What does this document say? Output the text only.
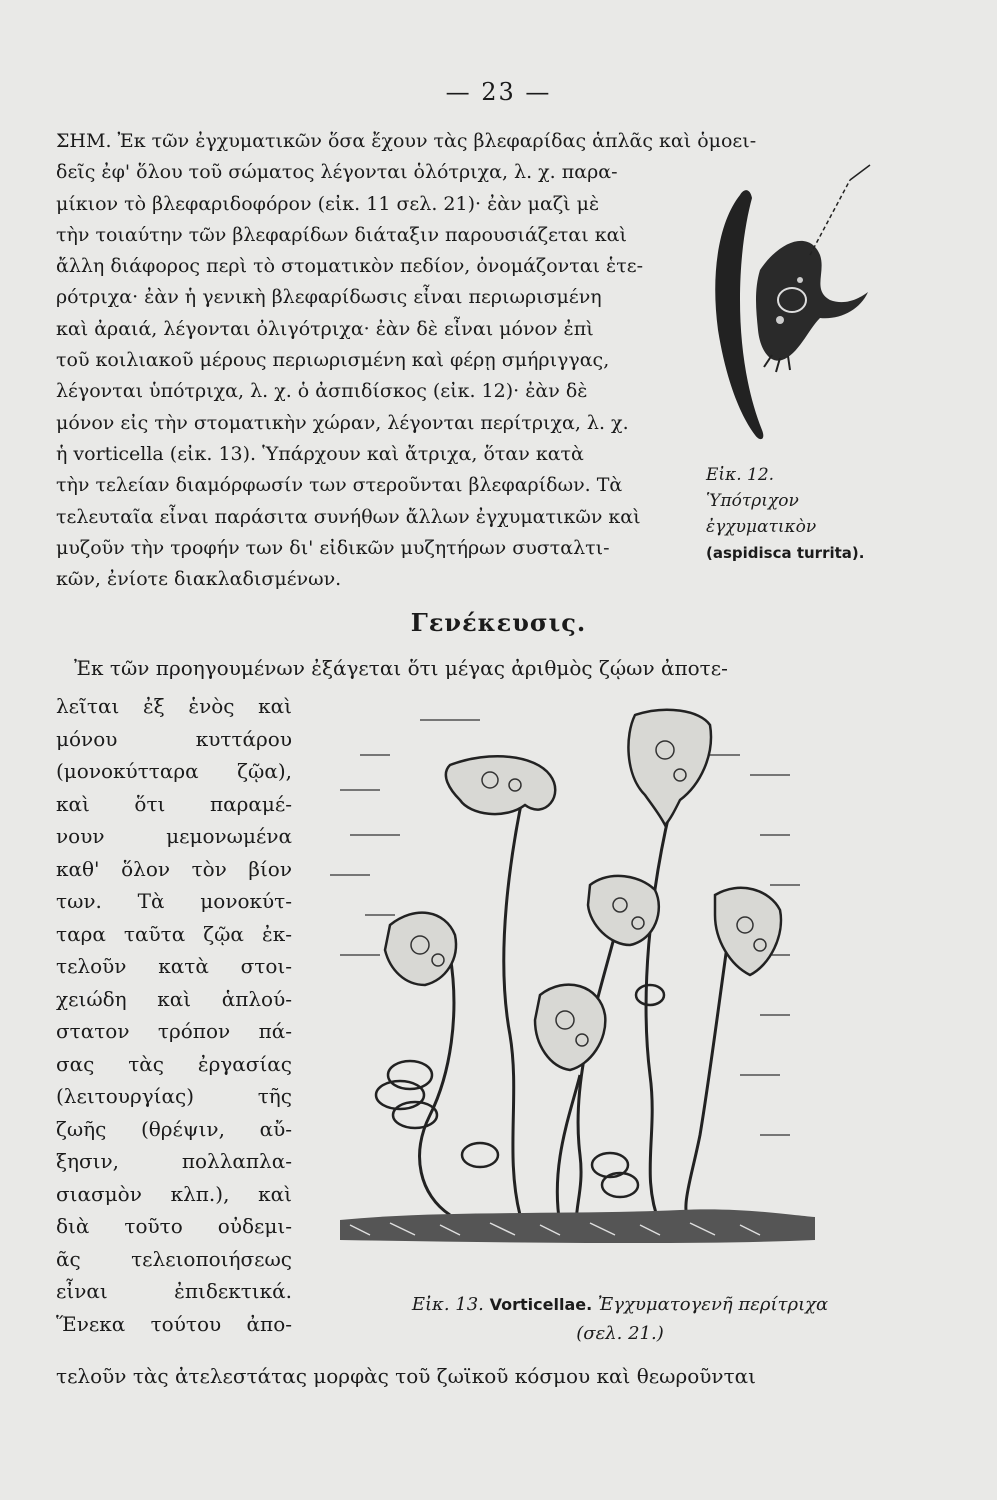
— 23 —
ΣΗΜ. Ἐκ τῶν ἐγχυματικῶν ὅσα ἔχουν τὰς βλεφαρίδας ἁπλᾶς καὶ ὁμοει-
δεῖς ἐφ' ὅλου τοῦ σώματος λέγονται ὁλότριχα, λ. χ. παρα-
μίκιον τὸ βλεφαριδοφόρον (εἰκ. 11 σελ. 21)· ἐὰν μαζὶ μὲ
τὴν τοιαύτην τῶν βλεφαρίδων διάταξιν παρουσιάζεται καὶ
ἄλλη διάφορος περὶ τὸ στοματικὸν πεδίον, ὀνομάζονται ἑτε-
ρότριχα· ἐὰν ἡ γενικὴ βλεφαρίδωσις εἶναι περιωρισμένη
καὶ ἀραιά, λέγονται ὀλιγότριχα· ἐὰν δὲ εἶναι μόνον ἐπὶ
τοῦ κοιλιακοῦ μέρους περιωρισμένη καὶ φέρῃ σμήριγγας,
λέγονται ὑπότριχα, λ. χ. ὁ ἀσπιδίσκος (εἰκ. 12)· ἐὰν δὲ
μόνον εἰς τὴν στοματικὴν χώραν, λέγονται περίτριχα, λ. χ.
ἡ vorticella (εἰκ. 13). Ὑπάρχουν καὶ ἄτριχα, ὅταν κατὰ
τὴν τελείαν διαμόρφωσίν των στεροῦνται βλεφαρίδων. Τὰ
τελευταῖα εἶναι παράσιτα συνήθων ἄλλων ἐγχυματικῶν καὶ
μυζοῦν τὴν τροφήν των δι' εἰδικῶν μυζητήρων συσταλτι-
κῶν, ἐνίοτε διακλαδισμένων.
Εἰκ. 12. Ὑπότριχον ἐγχυματικὸν (aspidisca turrita).
Γενέκευσις.
Ἐκ τῶν προηγουμένων ἐξάγεται ὅτι μέγας ἀριθμὸς ζῴων ἀποτε-
λεῖται ἐξ ἑνὸς καὶ
μόνου κυττάρου
(μονοκύτταρα ζῷα),
καὶ ὅτι παραμέ-
νουν μεμονωμένα
καθ' ὅλον τὸν βίον
των. Τὰ μονοκύτ-
ταρα ταῦτα ζῷα ἐκ-
τελοῦν κατὰ στοι-
χειώδη καὶ ἁπλού-
στατον τρόπον πά-
σας τὰς ἐργασίας
(λειτουργίας) τῆς
ζωῆς (θρέψιν, αὔ-
ξησιν, πολλαπλα-
σιασμὸν κλπ.), καὶ
διὰ τοῦτο οὐδεμι-
ᾶς τελειοποιήσεως
εἶναι ἐπιδεκτικά.
Ἕνεκα τούτου ἀπο-
Εἰκ. 13. Vorticellae. Ἐγχυματογενῆ περίτριχα (σελ. 21.)
τελοῦν τὰς ἀτελεστάτας μορφὰς τοῦ ζωϊκοῦ κόσμου καὶ θεωροῦνται
